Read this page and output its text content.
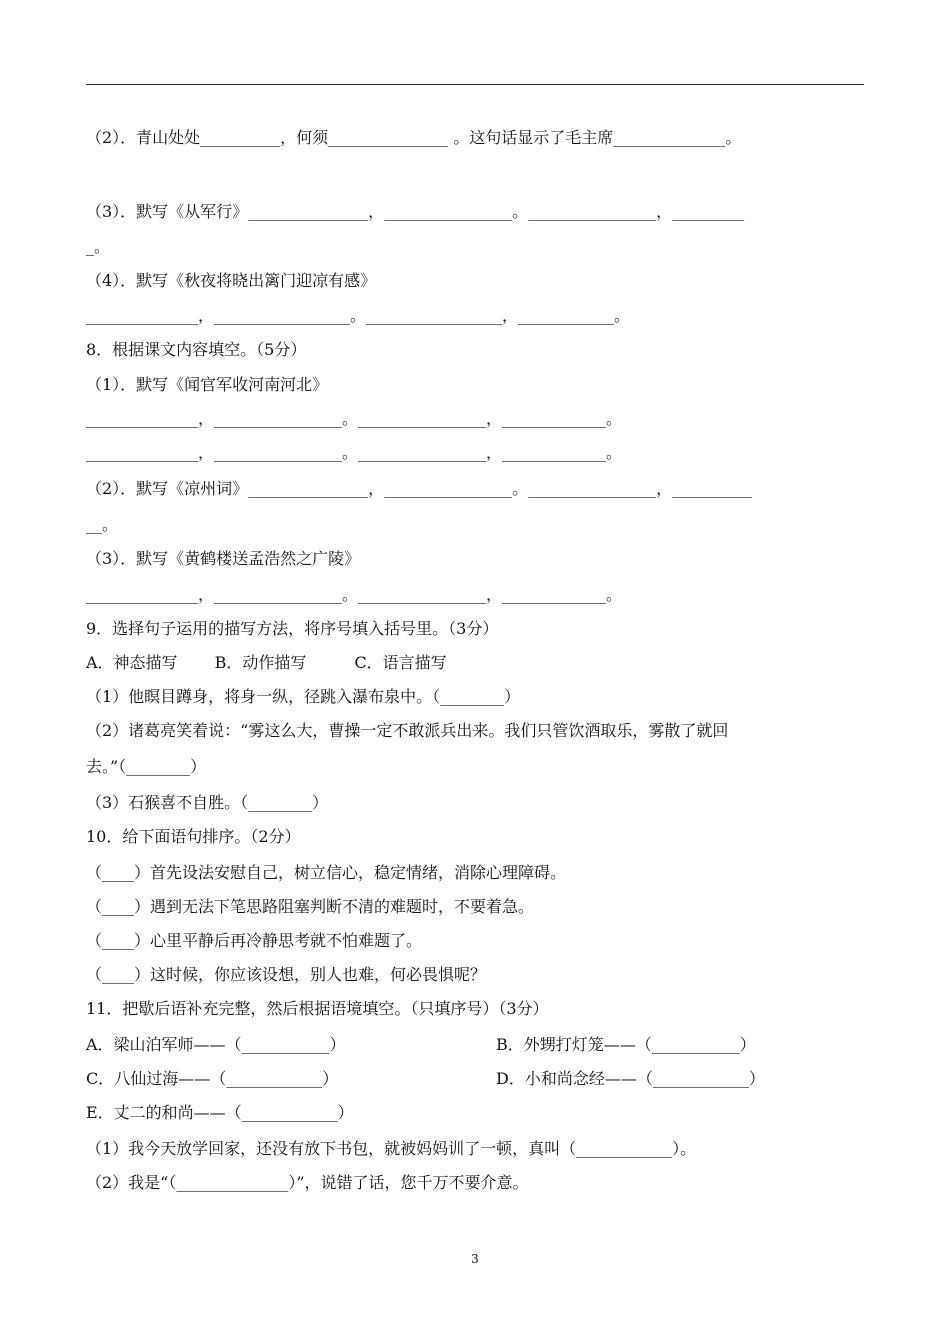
（2）．青山处处__________，何须_______________ 。这句话显示了毛主席______________。
（3）．默写《从军行》_______________，________________。________________，_________
_。
（4）．默写《秋夜将晓出篱门迎凉有感》
______________，_________________。_________________，____________。
8．根据课文内容填空。（5分）
（1）．默写《闻官军收河南河北》
______________，________________。________________，_____________。
______________，________________。________________，_____________。
（2）．默写《凉州词》_______________，________________。________________，__________
__。
（3）．默写《黄鹤楼送孟浩然之广陵》
______________，________________。________________，_____________。
9．选择句子运用的描写方法，将序号填入括号里。（3分）
A．神态描写　　 B．动作描写　　　C．语言描写
（1）他瞑目蹲身，将身一纵，径跳入瀑布泉中。（________）
（2）诸葛亮笑着说：“雾这么大，曹操一定不敢派兵出来。我们只管饮酒取乐，雾散了就回
去。”（________）
（3）石猴喜不自胜。（________）
10．给下面语句排序。（2分）
（____）首先设法安慰自己，树立信心，稳定情绪，消除心理障碍。
（____）遇到无法下笔思路阻塞判断不清的难题时，不要着急。
（____）心里平静后再冷静思考就不怕难题了。
（____）这时候，你应该设想，别人也难，何必畏惧呢？
11．把歇后语补充完整，然后根据语境填空。（只填序号）（3分）
A．梁山泊军师——（___________）	B．外甥打灯笼——（___________）
C．八仙过海——（____________）	D．小和尚念经——（____________）
E．丈二的和尚——（____________）
（1）我今天放学回家，还没有放下书包，就被妈妈训了一顿，真叫（____________）。
（2）我是“（______________）”，说错了话，您千万不要介意。
3
